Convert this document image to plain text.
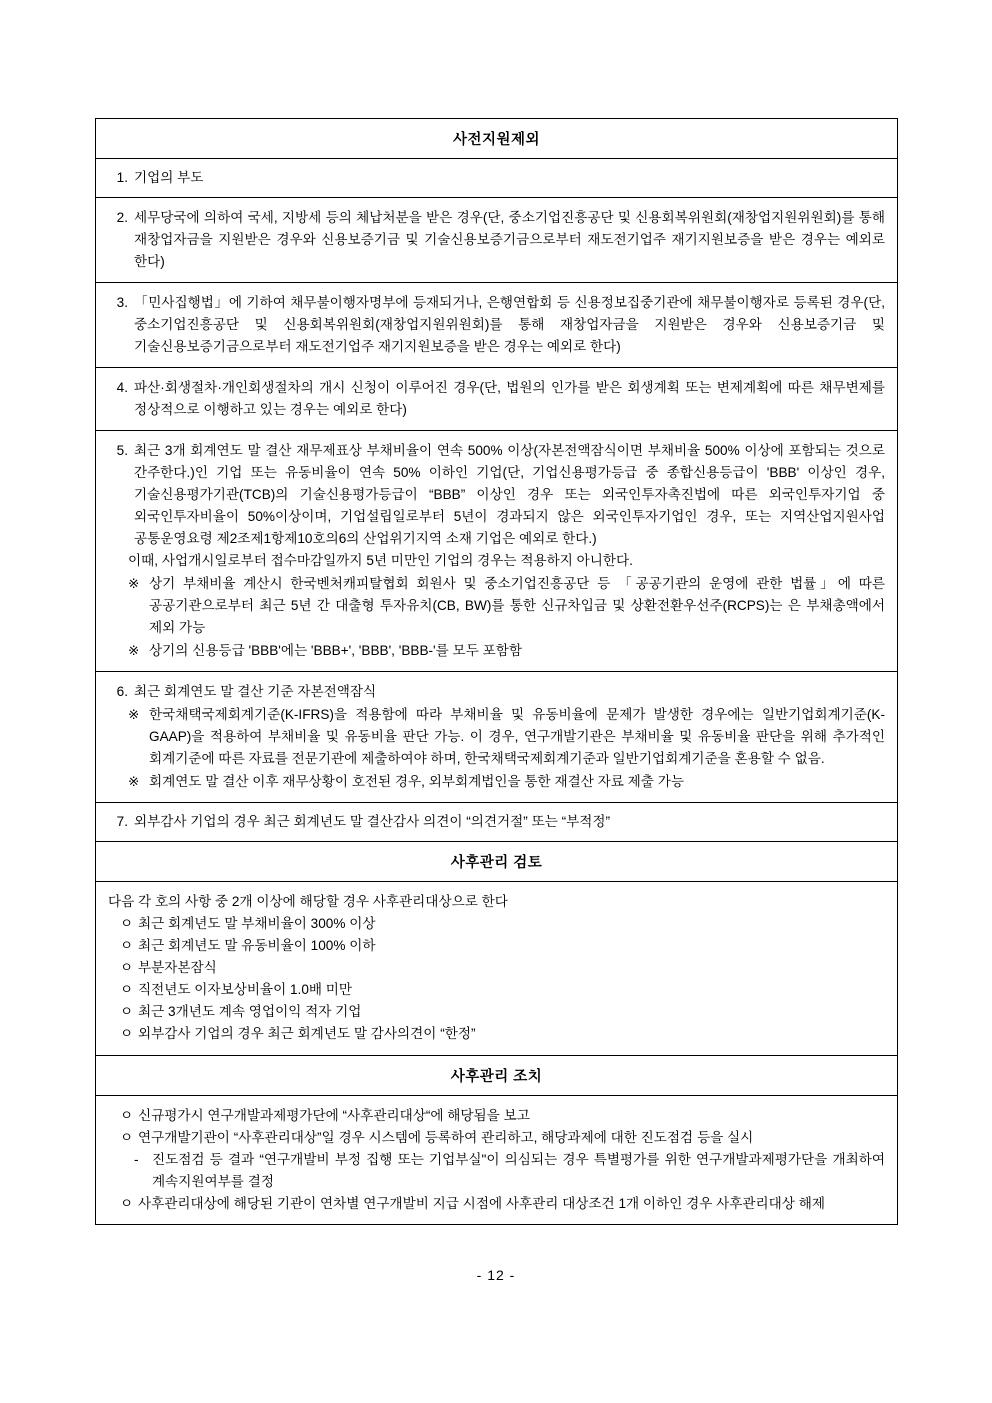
사전지원제외

1. 기업의 부도

2. 세무당국에 의하여 국세, 지방세 등의 체납처분을 받은 경우(단, 중소기업진흥공단 및 신용회복위원회(재창업지원위원회)를 통해 재창업자금을 지원받은 경우와 신용보증기금 및 기술신용보증기금으로부터 재도전기업주 재기지원보증을 받은 경우는 예외로 한다)

3. 「민사집행법」에 기하여 채무불이행자명부에 등재되거나, 은행연합회 등 신용정보집중기관에 채무불이행자로 등록된 경우(단, 중소기업진흥공단 및 신용회복위원회(재창업지원위원회)를 통해 재창업자금을 지원받은 경우와 신용보증기금 및 기술신용보증기금으로부터 재도전기업주 재기지원보증을 받은 경우는 예외로 한다)

4. 파산·회생절차·개인회생절차의 개시 신청이 이루어진 경우(단, 법원의 인가를 받은 회생계획 또는 변제계획에 따른 채무변제를 정상적으로 이행하고 있는 경우는 예외로 한다)

5. 최근 3개 회계연도 말 결산 재무제표상 부채비율이 연속 500% 이상(자본전액잠식이면 부채비율 500% 이상에 포함되는 것으로 간주한다.)인 기업 또는 유동비율이 연속 50% 이하인 기업(단, 기업신용평가등급 중 종합신용등급이 'BBB' 이상인 경우, 기술신용평가기관(TCB)의 기술신용평가등급이 “BBB” 이상인 경우 또는 외국인투자촉진법에 따른 외국인투자기업 중 외국인투자비율이 50%이상이며, 기업설립일로부터 5년이 경과되지 않은 외국인투자기업인 경우, 또는 지역산업지원사업 공통운영요령 제2조제1항제10호의6의 산업위기지역 소재 기업은 예외로 한다.)
이때, 사업개시일로부터 접수마감일까지 5년 미만인 기업의 경우는 적용하지 아니한다.
※ 상기 부채비율 계산시 한국벤처캐피탈협회 회원사 및 중소기업진흥공단 등 「공공기관의 운영에 관한 법률」에 따른 공공기관으로부터 최근 5년 간 대출형 투자유치(CB, BW)를 통한 신규차입금 및 상환전환우선주(RCPS)는 은 부채총액에서 제외 가능
※ 상기의 신용등급 'BBB'에는 'BBB+', 'BBB', 'BBB-'를 모두 포함함

6. 최근 회계연도 말 결산 기준 자본전액잠식
※ 한국채택국제회계기준(K-IFRS)을 적용함에 따라 부채비율 및 유동비율에 문제가 발생한 경우에는 일반기업회계기준(K-GAAP)을 적용하여 부채비율 및 유동비율 판단 가능. 이 경우, 연구개발기관은 부채비율 및 유동비율 판단을 위해 추가적인 회계기준에 따른 자료를 전문기관에 제출하여야 하며, 한국채택국제회계기준과 일반기업회계기준을 혼용할 수 없음.
※ 회계연도 말 결산 이후 재무상황이 호전된 경우, 외부회계법인을 통한 재결산 자료 제출 가능

7. 외부감사 기업의 경우 최근 회계년도 말 결산감사 의견이 “의견거절” 또는 “부적정”

사후관리 검토

다음 각 호의 사항 중 2개 이상에 해당할 경우 사후관리대상으로 한다
ㅇ 최근 회계년도 말 부채비율이 300% 이상
ㅇ 최근 회계년도 말 유동비율이 100% 이하
ㅇ 부분자본잠식
ㅇ 직전년도 이자보상비율이 1.0배 미만
ㅇ 최근 3개년도 계속 영업이익 적자 기업
ㅇ 외부감사 기업의 경우 최근 회계년도 말 감사의견이 “한정”

사후관리 조치

ㅇ 신규평가시 연구개발과제평가단에 “사후관리대상“에 해당됨을 보고
ㅇ 연구개발기관이 “사후관리대상”일 경우 시스템에 등록하여 관리하고, 해당과제에 대한 진도점검 등을 실시
- 진도점검 등 결과 “연구개발비 부정 집행 또는 기업부실"이 의심되는 경우 특별평가를 위한 연구개발과제평가단을 개최하여 계속지원여부를 결정
ㅇ 사후관리대상에 해당된 기관이 연차별 연구개발비 지급 시점에 사후관리 대상조건 1개 이하인 경우 사후관리대상 해제
- 12 -
